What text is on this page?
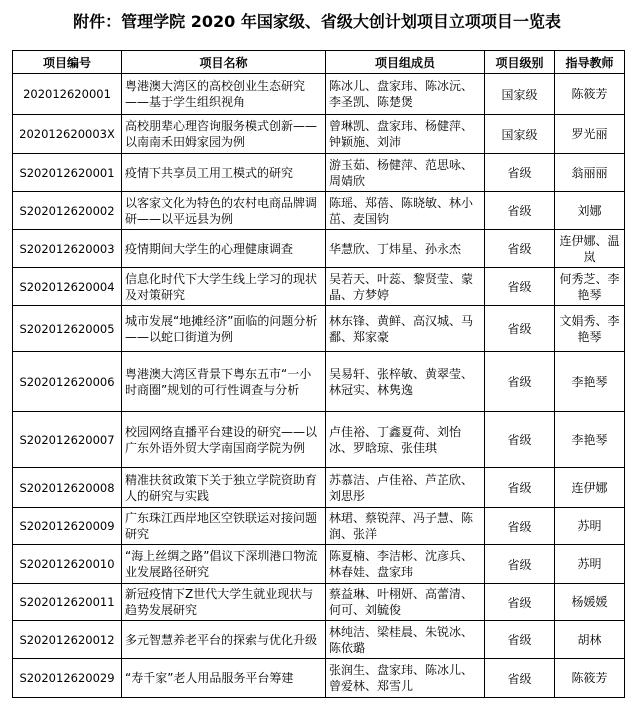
附件：管理学院 2020 年国家级、省级大创计划项目立项项目一览表
项目编号	项目名称	项目组成员	项目级别	指导教师
202012620001	粤港澳大湾区的高校创业生态研究——基于学生组织视角	陈冰儿、盘家玮、陈冰沅、李圣凯、陈楚煲	国家级	陈筱芳
202012620003X	高校朋辈心理咨询服务模式创新——以南南禾田姆家园为例	曾琳凯、盘家玮、杨健萍、钟颖施、刘沛	国家级	罗光丽
S202012620001	疫情下共享员工用工模式的研究	游玉茹、杨健萍、范思咏、周婧欣	省级	翁丽丽
S202012620002	以客家文化为特色的农村电商品牌调研——以平远县为例	陈瑶、郑蓓、陈晓敏、林小茁、麦国钧	省级	刘娜
S202012620003	疫情期间大学生的心理健康调查	华慧欣、丁炜星、孙永杰	省级	连伊娜、温岚
S202012620004	信息化时代下大学生线上学习的现状及对策研究	吴若天、叶蕊、黎贤莹、蒙晶、方梦婷	省级	何秀芝、李艳琴
S202012620005	城市发展“地摊经济”面临的问题分析——以蛇口街道为例	林东锋、黄鲜、高汉城、马鄱、郑家豪	省级	文娟秀、李艳琴
S202012620006	粤港澳大湾区背景下粤东五市“一小时商圈”规划的可行性调查与分析	吴易轩、张梓敏、黄翠莹、林冠实、林隽逸	省级	李艳琴
S202012620007	校园网络直播平台建设的研究——以广东外语外贸大学南国商学院为例	卢佳裕、丁鑫夏荷、刘怡冰、罗晗琼、张佳琪	省级	李艳琴
S202012620008	精准扶贫政策下关于独立学院资助育人的研究与实践	苏慕洁、卢佳裕、芦芷欣、刘思彤	省级	连伊娜
S202012620009	广东珠江西岸地区空铁联运对接问题研究	林珺、蔡锐萍、冯子慧、陈润、张洋	省级	苏明
S202012620010	“海上丝绸之路”倡议下深圳港口物流业发展路径研究	陈夏楠、李洁彬、沈彦兵、林春娃、盘家玮	省级	苏明
S202012620011	新冠疫情下Z世代大学生就业现状与趋势发展研究	蔡益琳、叶栩妍、高蕾清、何可、刘毓俊	省级	杨媛媛
S202012620012	多元智慧养老平台的探索与优化升级	林纯洁、梁桂晨、朱锐冰、陈依璐	省级	胡林
S202012620029	“寿千家”老人用品服务平台筹建	张润生、盘家玮、陈冰儿、曾爱林、郑雪儿	省级	陈筱芳
